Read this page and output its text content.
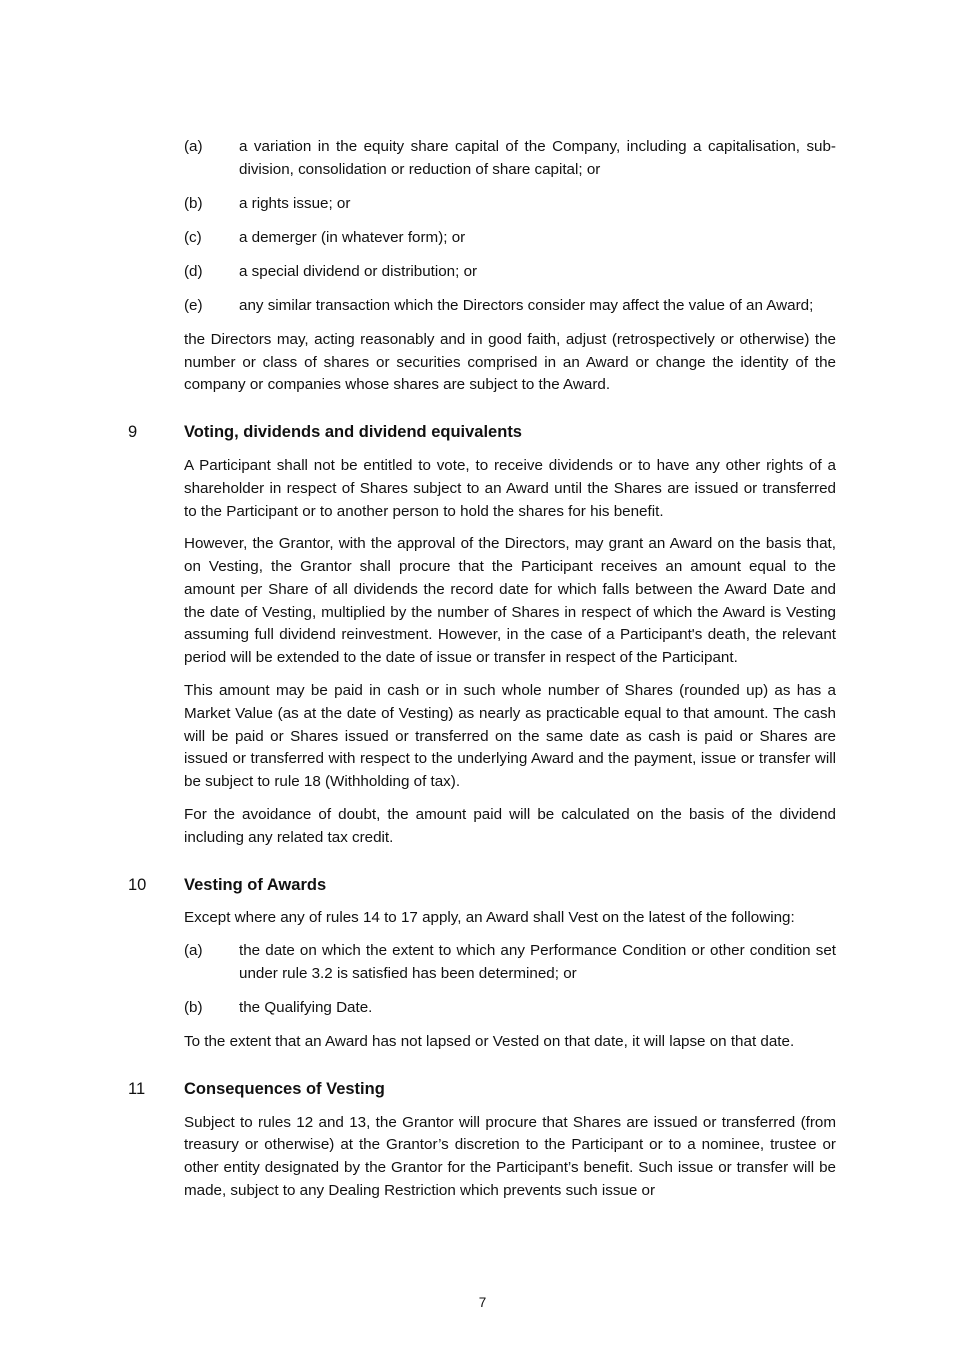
(a) a variation in the equity share capital of the Company, including a capitalisation, sub-division, consolidation or reduction of share capital; or
(b) a rights issue; or
(c) a demerger (in whatever form); or
(d) a special dividend or distribution; or
(e) any similar transaction which the Directors consider may affect the value of an Award;

the Directors may, acting reasonably and in good faith, adjust (retrospectively or otherwise) the number or class of shares or securities comprised in an Award or change the identity of the company or companies whose shares are subject to the Award.

9	Voting, dividends and dividend equivalents

A Participant shall not be entitled to vote, to receive dividends or to have any other rights of a shareholder in respect of Shares subject to an Award until the Shares are issued or transferred to the Participant or to another person to hold the shares for his benefit.

However, the Grantor, with the approval of the Directors, may grant an Award on the basis that, on Vesting, the Grantor shall procure that the Participant receives an amount equal to the amount per Share of all dividends the record date for which falls between the Award Date and the date of Vesting, multiplied by the number of Shares in respect of which the Award is Vesting assuming full dividend reinvestment. However, in the case of a Participant's death, the relevant period will be extended to the date of issue or transfer in respect of the Participant.

This amount may be paid in cash or in such whole number of Shares (rounded up) as has a Market Value (as at the date of Vesting) as nearly as practicable equal to that amount. The cash will be paid or Shares issued or transferred on the same date as cash is paid or Shares are issued or transferred with respect to the underlying Award and the payment, issue or transfer will be subject to rule 18 (Withholding of tax).

For the avoidance of doubt, the amount paid will be calculated on the basis of the dividend including any related tax credit.

10 Vesting of Awards

Except where any of rules 14 to 17 apply, an Award shall Vest on the latest of the following:

(a) the date on which the extent to which any Performance Condition or other condition set under rule 3.2 is satisfied has been determined; or
(b) the Qualifying Date.

To the extent that an Award has not lapsed or Vested on that date, it will lapse on that date.

11 Consequences of Vesting

Subject to rules 12 and 13, the Grantor will procure that Shares are issued or transferred (from treasury or otherwise) at the Grantor’s discretion to the Participant or to a nominee, trustee or other entity designated by the Grantor for the Participant’s benefit. Such issue or transfer will be made, subject to any Dealing Restriction which prevents such issue or

7
